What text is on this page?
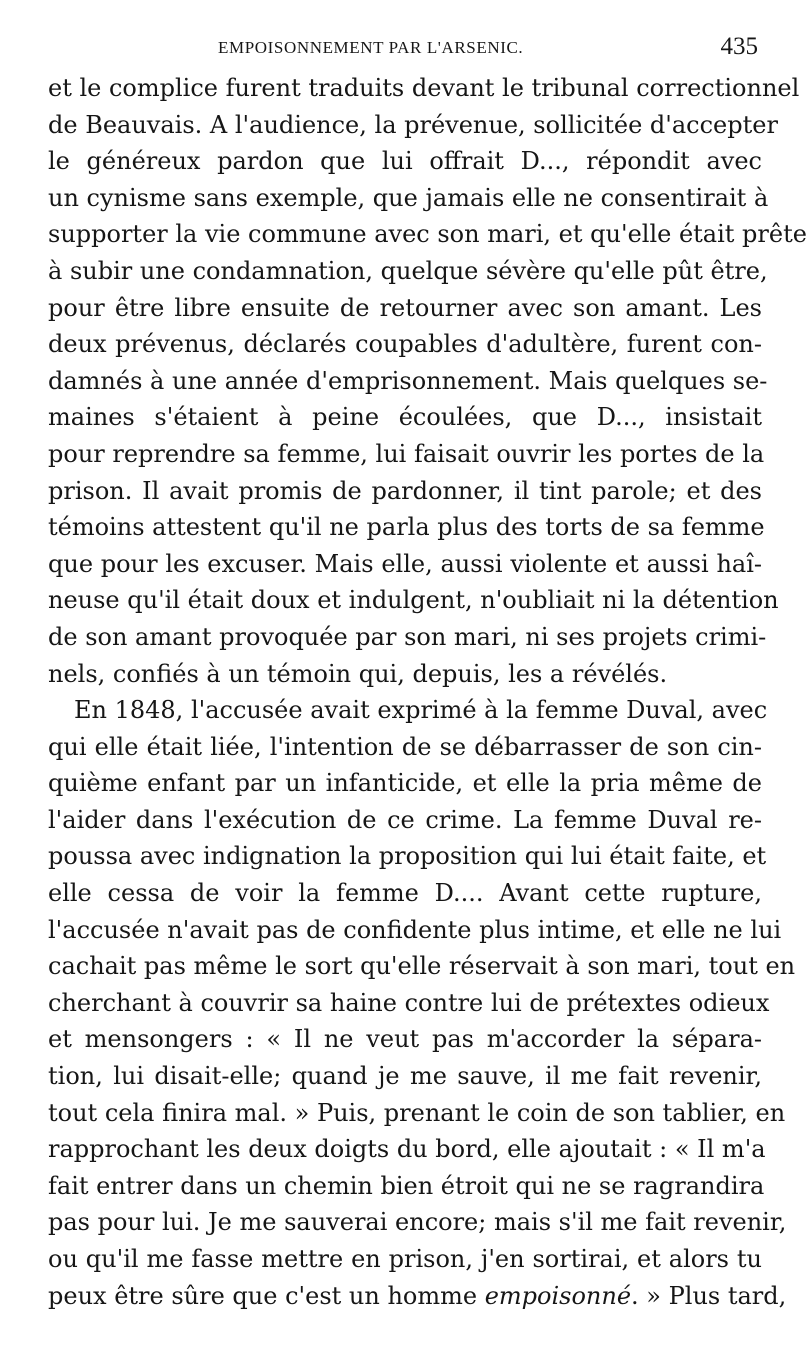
EMPOISONNEMENT PAR L'ARSENIC.	435
et le complice furent traduits devant le tribunal correctionnel
de Beauvais. A l'audience, la prévenue, sollicitée d'accepter
le généreux pardon que lui offrait D..., répondit avec
un cynisme sans exemple, que jamais elle ne consentirait à
supporter la vie commune avec son mari, et qu'elle était prête
à subir une condamnation, quelque sévère qu'elle pût être,
pour être libre ensuite de retourner avec son amant. Les
deux prévenus, déclarés coupables d'adultère, furent con-
damnés à une année d'emprisonnement. Mais quelques se-
maines s'étaient à peine écoulées, que D..., insistait
pour reprendre sa femme, lui faisait ouvrir les portes de la
prison. Il avait promis de pardonner, il tint parole; et des
témoins attestent qu'il ne parla plus des torts de sa femme
que pour les excuser. Mais elle, aussi violente et aussi haî-
neuse qu'il était doux et indulgent, n'oubliait ni la détention
de son amant provoquée par son mari, ni ses projets crimi-
nels, confiés à un témoin qui, depuis, les a révélés.
En 1848, l'accusée avait exprimé à la femme Duval, avec
qui elle était liée, l'intention de se débarrasser de son cin-
quième enfant par un infanticide, et elle la pria même de
l'aider dans l'exécution de ce crime. La femme Duval re-
poussa avec indignation la proposition qui lui était faite, et
elle cessa de voir la femme D.... Avant cette rupture,
l'accusée n'avait pas de confidente plus intime, et elle ne lui
cachait pas même le sort qu'elle réservait à son mari, tout en
cherchant à couvrir sa haine contre lui de prétextes odieux
et mensongers : « Il ne veut pas m'accorder la sépara-
tion, lui disait-elle; quand je me sauve, il me fait revenir,
tout cela finira mal. » Puis, prenant le coin de son tablier, en
rapprochant les deux doigts du bord, elle ajoutait : « Il m'a
fait entrer dans un chemin bien étroit qui ne se ragrandira
pas pour lui. Je me sauverai encore; mais s'il me fait revenir,
ou qu'il me fasse mettre en prison, j'en sortirai, et alors tu
peux être sûre que c'est un homme empoisonné. » Plus tard,
